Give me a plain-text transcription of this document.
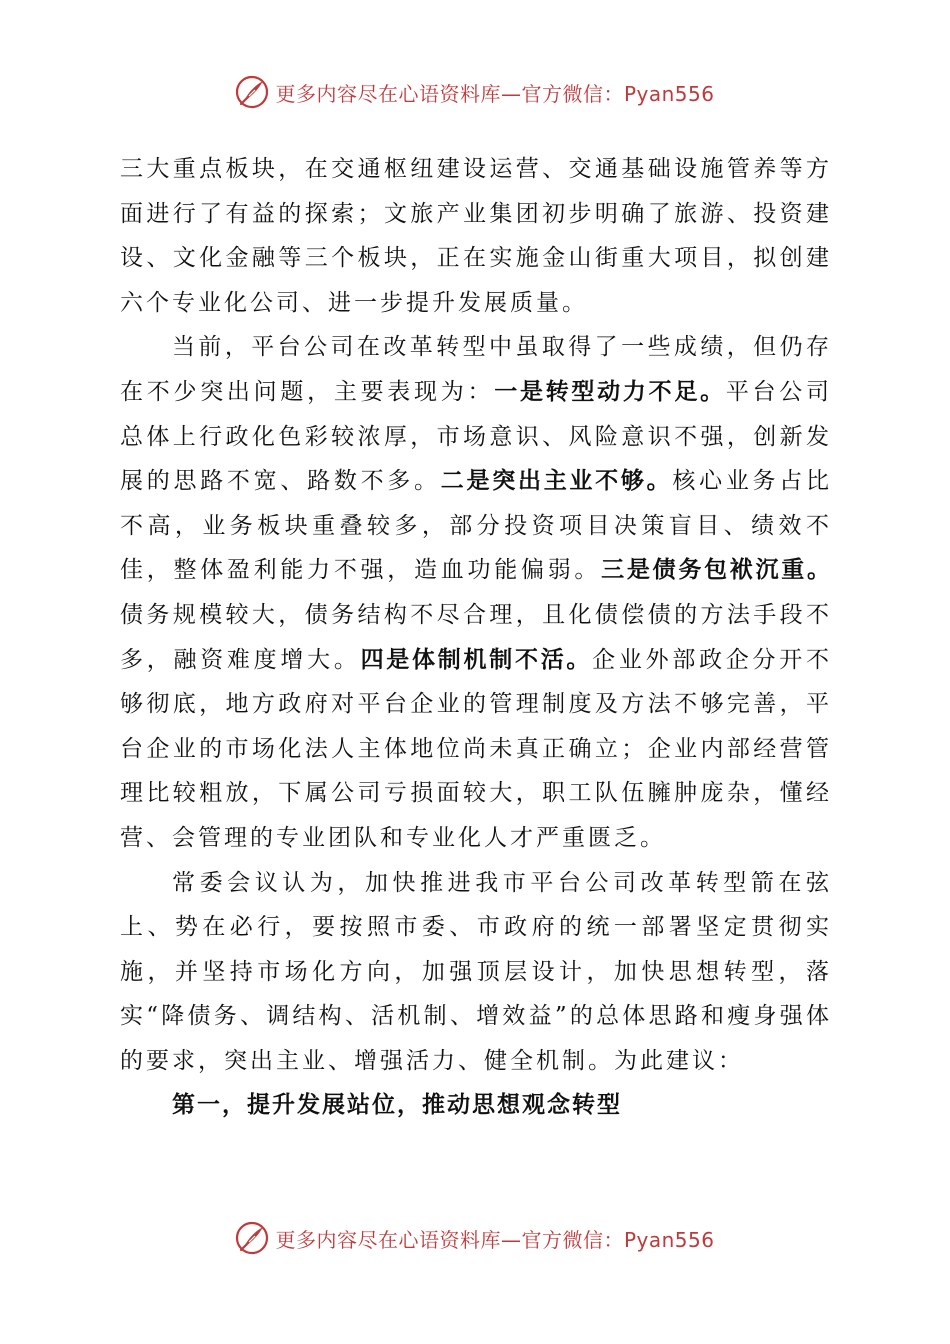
更多内容尽在心语资料库—官方微信：Pyan556

三大重点板块，在交通枢纽建设运营、交通基础设施管养等方面进行了有益的探索；文旅产业集团初步明确了旅游、投资建设、文化金融等三个板块，正在实施金山街重大项目，拟创建六个专业化公司、进一步提升发展质量。

当前，平台公司在改革转型中虽取得了一些成绩，但仍存在不少突出问题，主要表现为：一是转型动力不足。平台公司总体上行政化色彩较浓厚，市场意识、风险意识不强，创新发展的思路不宽、路数不多。二是突出主业不够。核心业务占比不高，业务板块重叠较多，部分投资项目决策盲目、绩效不佳，整体盈利能力不强，造血功能偏弱。三是债务包袱沉重。债务规模较大，债务结构不尽合理，且化债偿债的方法手段不多，融资难度增大。四是体制机制不活。企业外部政企分开不够彻底，地方政府对平台企业的管理制度及方法不够完善，平台企业的市场化法人主体地位尚未真正确立；企业内部经营管理比较粗放，下属公司亏损面较大，职工队伍臃肿庞杂，懂经营、会管理的专业团队和专业化人才严重匮乏。

常委会议认为，加快推进我市平台公司改革转型箭在弦上、势在必行，要按照市委、市政府的统一部署坚定贯彻实施，并坚持市场化方向，加强顶层设计，加快思想转型，落实“降债务、调结构、活机制、增效益”的总体思路和瘦身强体的要求，突出主业、增强活力、健全机制。为此建议：

第一，提升发展站位，推动思想观念转型

更多内容尽在心语资料库—官方微信：Pyan556
